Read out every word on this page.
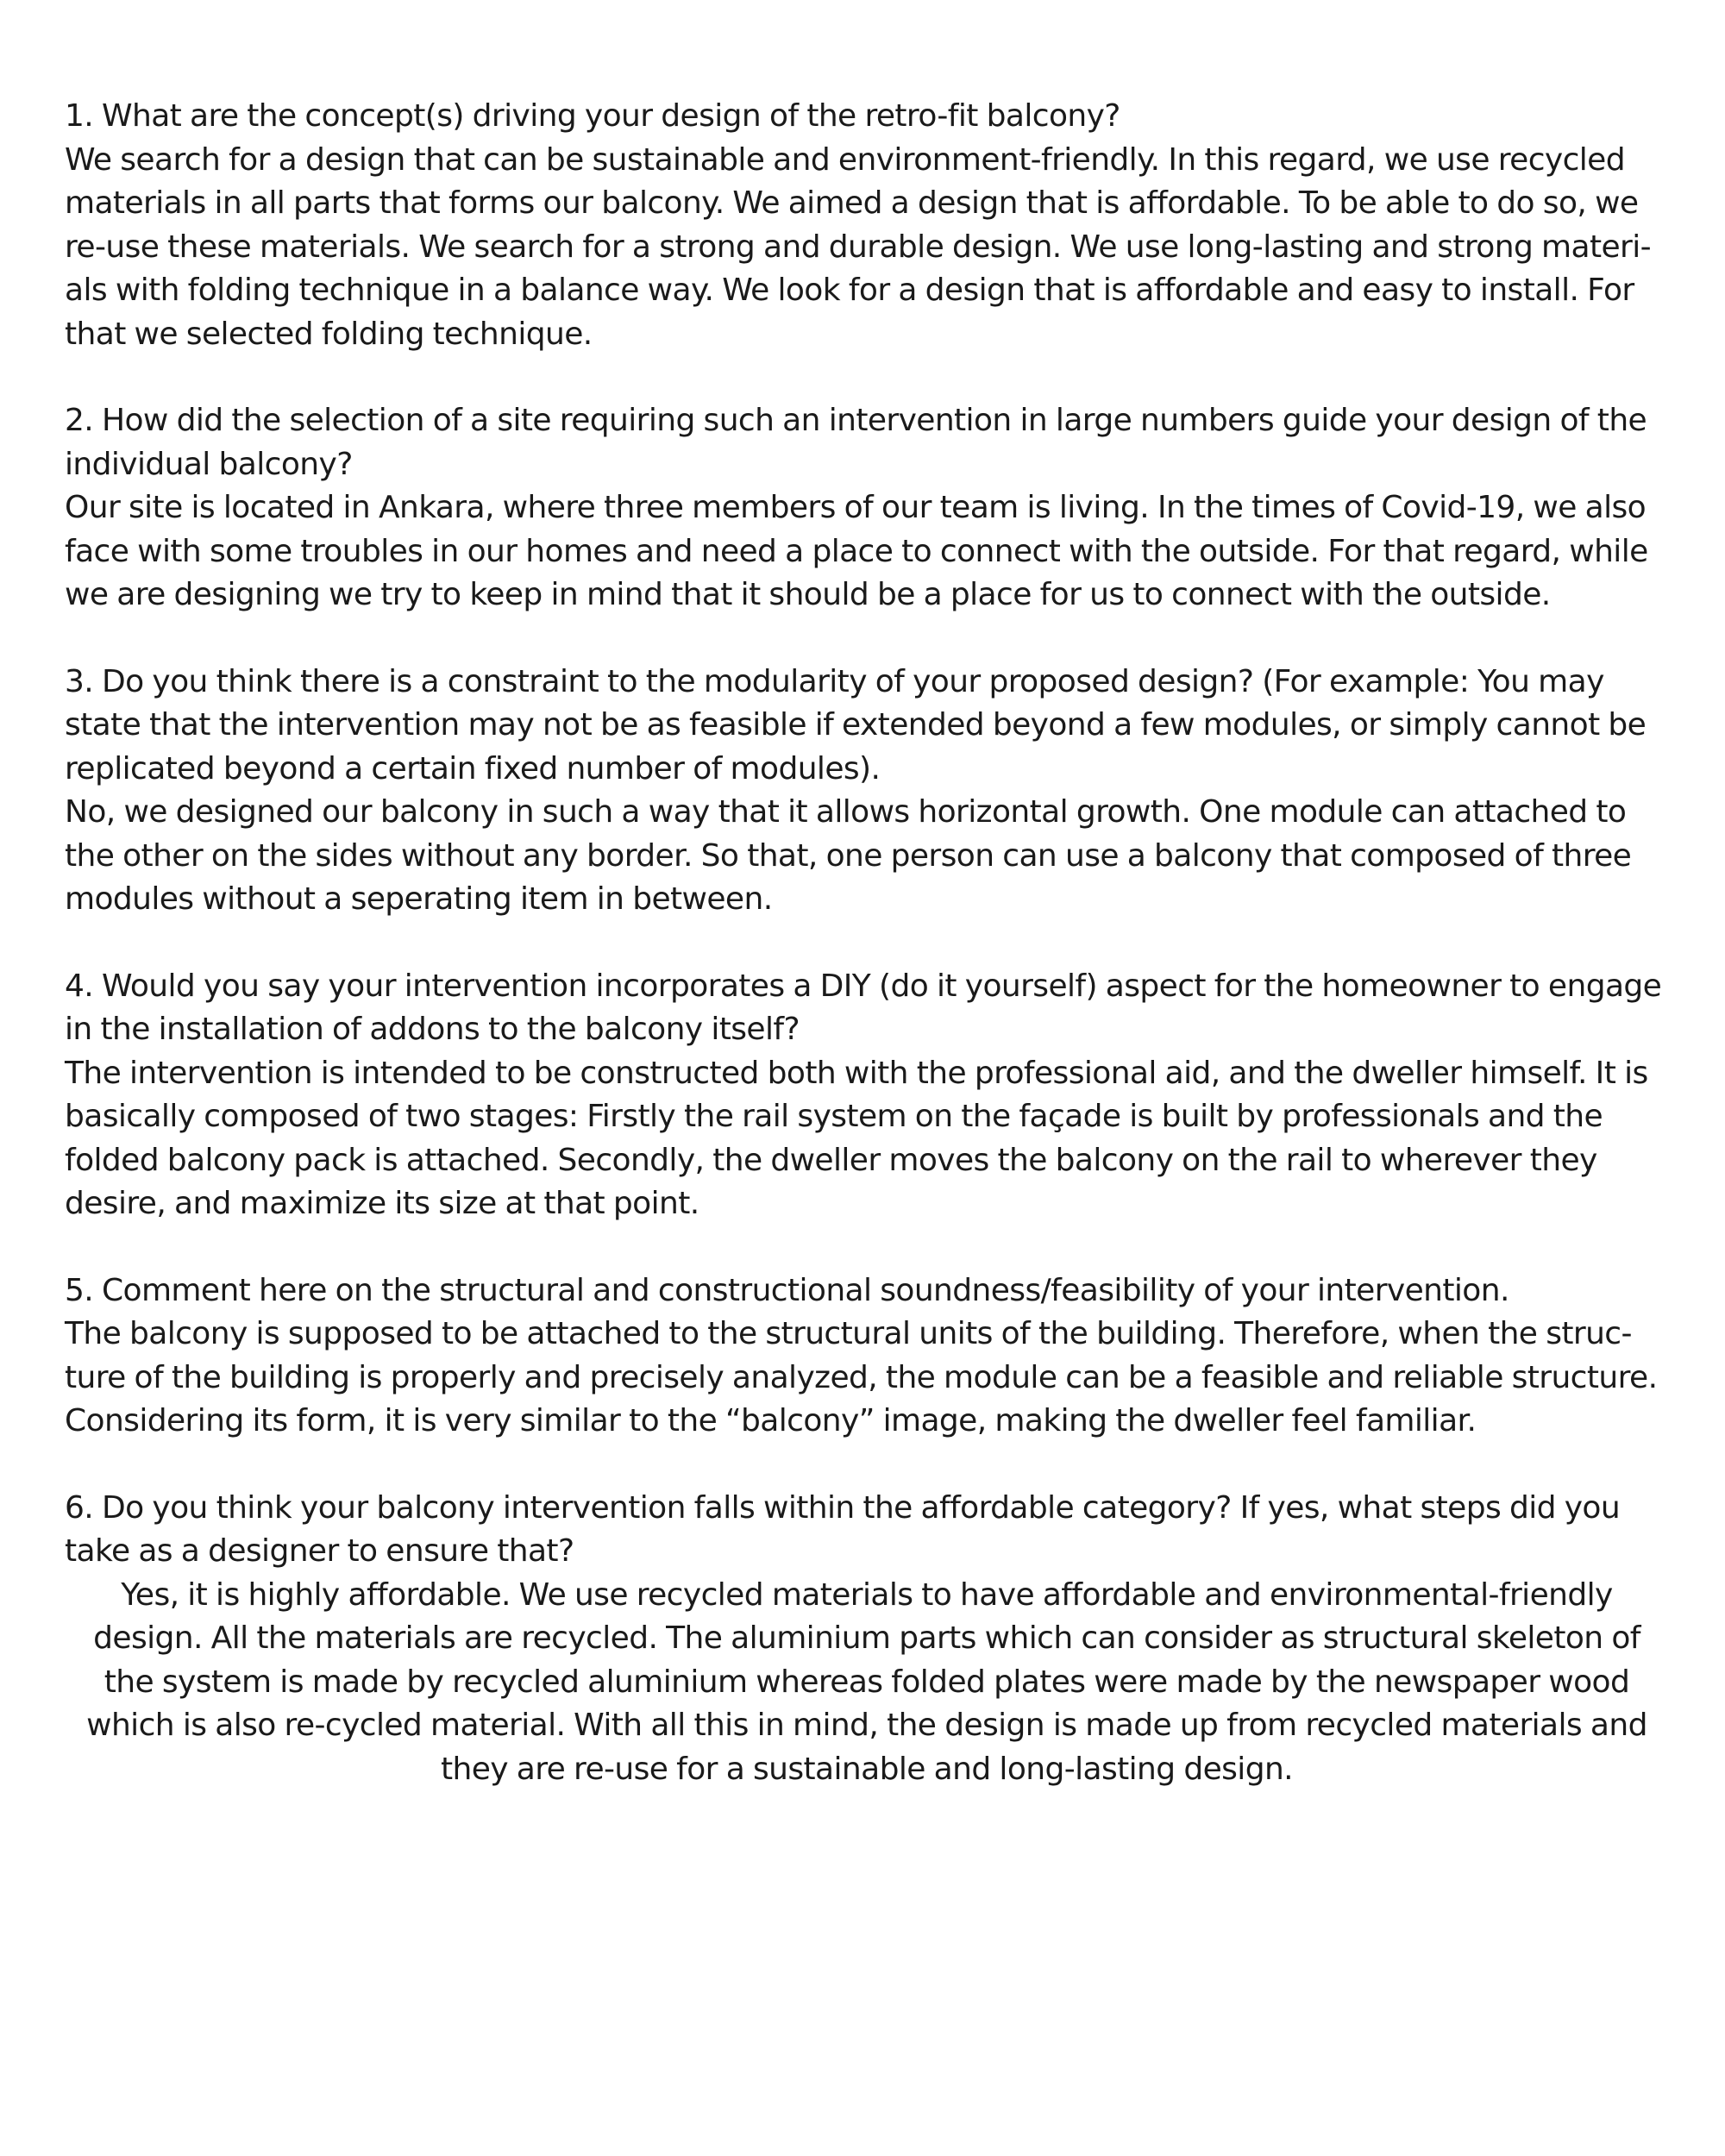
1. What are the concept(s) driving your design of the retro-fit balcony?

We search for a design that can be sustainable and environment-friendly. In this regard, we use recycled materials in all parts that forms our balcony. We aimed a design that is affordable. To be able to do so, we re-use these materials. We search for a strong and durable design. We use long-lasting and strong materi-als with folding technique in a balance way. We look for a design that is affordable and easy to install. For that we selected folding technique.

2. How did the selection of a site requiring such an intervention in large numbers guide your design of the individual balcony?

Our site is located in Ankara, where three members of our team is living. In the times of Covid-19, we also face with some troubles in our homes and need a place to connect with the outside. For that regard, while we are designing we try to keep in mind that it should be a place for us to connect with the outside.

3. Do you think there is a constraint to the modularity of your proposed design? (For example: You may state that the intervention may not be as feasible if extended beyond a few modules, or simply cannot be replicated beyond a certain fixed number of modules).

No, we designed our balcony in such a way that it allows horizontal growth. One module can attached to the other on the sides without any border. So that, one person can use a balcony that composed of three modules without a seperating item in between.

4. Would you say your intervention incorporates a DIY (do it yourself) aspect for the homeowner to engage in the installation of addons to the balcony itself?

The intervention is intended to be constructed both with the professional aid, and the dweller himself. It is basically composed of two stages: Firstly the rail system on the façade is built by professionals and the folded balcony pack is attached. Secondly, the dweller moves the balcony on the rail to wherever they desire, and maximize its size at that point.

5. Comment here on the structural and constructional soundness/feasibility of your intervention.

The balcony is supposed to be attached to the structural units of the building. Therefore, when the struc-ture of the building is properly and precisely analyzed, the module can be a feasible and reliable structure. Considering its form, it is very similar to the “balcony” image, making the dweller feel familiar.

6. Do you think your balcony intervention falls within the affordable category? If yes, what steps did you take as a designer to ensure that?

Yes, it is highly affordable. We use recycled materials to have affordable and environmental-friendly design. All the materials are recycled. The aluminium parts which can consider as structural skeleton of the system is made by recycled aluminium whereas folded plates were made by the newspaper wood which is also re-cycled material. With all this in mind, the design is made up from recycled materials and they are re-use for a sustainable and long-lasting design.
